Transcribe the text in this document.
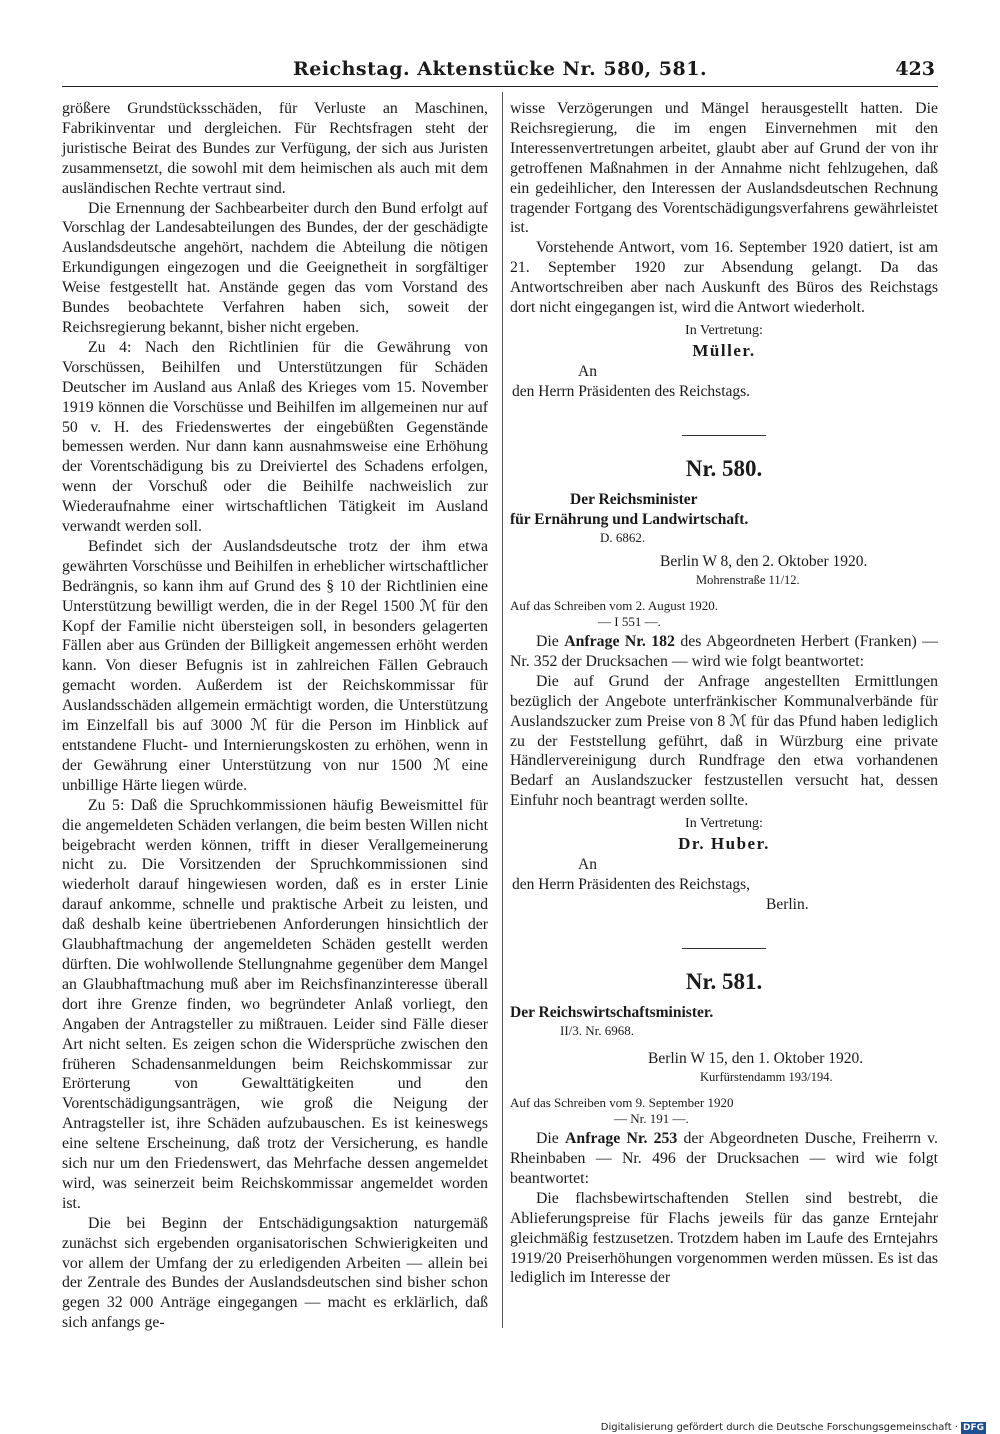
Reichstag. Aktenstücke Nr. 580, 581.	423

größere Grundstücksschäden, für Verluste an Maschinen, Fabrikinventar und dergleichen. Für Rechtsfragen steht der juristische Beirat des Bundes zur Verfügung, der sich aus Juristen zusammensetzt, die sowohl mit dem heimischen als auch mit dem ausländischen Rechte vertraut sind.

Die Ernennung der Sachbearbeiter durch den Bund erfolgt auf Vorschlag der Landesabteilungen des Bundes, der der geschädigte Auslandsdeutsche angehört, nachdem die Abteilung die nötigen Erkundigungen eingezogen und die Geeignetheit in sorgfältiger Weise festgestellt hat. Anstände gegen das vom Vorstand des Bundes beobachtete Verfahren haben sich, soweit der Reichsregierung bekannt, bisher nicht ergeben.

Zu 4: Nach den Richtlinien für die Gewährung von Vorschüssen, Beihilfen und Unterstützungen für Schäden Deutscher im Ausland aus Anlaß des Krieges vom 15. November 1919 können die Vorschüsse und Beihilfen im allgemeinen nur auf 50 v. H. des Friedenswertes der eingebüßten Gegenstände bemessen werden. Nur dann kann ausnahmsweise eine Erhöhung der Vorentschädigung bis zu Dreiviertel des Schadens erfolgen, wenn der Vorschuß oder die Beihilfe nachweislich zur Wiederaufnahme einer wirtschaftlichen Tätigkeit im Ausland verwandt werden soll.

Befindet sich der Auslandsdeutsche trotz der ihm etwa gewährten Vorschüsse und Beihilfen in erheblicher wirtschaftlicher Bedrängnis, so kann ihm auf Grund des § 10 der Richtlinien eine Unterstützung bewilligt werden, die in der Regel 1500 ℳ für den Kopf der Familie nicht übersteigen soll, in besonders gelagerten Fällen aber aus Gründen der Billigkeit angemessen erhöht werden kann. Von dieser Befugnis ist in zahlreichen Fällen Gebrauch gemacht worden. Außerdem ist der Reichskommissar für Auslandsschäden allgemein ermächtigt worden, die Unterstützung im Einzelfall bis auf 3000 ℳ für die Person im Hinblick auf entstandene Flucht- und Internierungskosten zu erhöhen, wenn in der Gewährung einer Unterstützung von nur 1500 ℳ eine unbillige Härte liegen würde.

Zu 5: Daß die Spruchkommissionen häufig Beweismittel für die angemeldeten Schäden verlangen, die beim besten Willen nicht beigebracht werden können, trifft in dieser Verallgemeinerung nicht zu. Die Vorsitzenden der Spruchkommissionen sind wiederholt darauf hingewiesen worden, daß es in erster Linie darauf ankomme, schnelle und praktische Arbeit zu leisten, und daß deshalb keine übertriebenen Anforderungen hinsichtlich der Glaubhaftmachung der angemeldeten Schäden gestellt werden dürften. Die wohlwollende Stellungnahme gegenüber dem Mangel an Glaubhaftmachung muß aber im Reichsfinanzinteresse überall dort ihre Grenze finden, wo begründeter Anlaß vorliegt, den Angaben der Antragsteller zu mißtrauen. Leider sind Fälle dieser Art nicht selten. Es zeigen schon die Widersprüche zwischen den früheren Schadensanmeldungen beim Reichskommissar zur Erörterung von Gewalttätigkeiten und den Vorentschädigungsanträgen, wie groß die Neigung der Antragsteller ist, ihre Schäden aufzubauschen. Es ist keineswegs eine seltene Erscheinung, daß trotz der Versicherung, es handle sich nur um den Friedenswert, das Mehrfache dessen angemeldet wird, was seinerzeit beim Reichskommissar angemeldet worden ist.

Die bei Beginn der Entschädigungsaktion naturgemäß zunächst sich ergebenden organisatorischen Schwierigkeiten und vor allem der Umfang der zu erledigenden Arbeiten — allein bei der Zentrale des Bundes der Auslandsdeutschen sind bisher schon gegen 32 000 Anträge eingegangen — macht es erklärlich, daß sich anfangs ge-

wisse Verzögerungen und Mängel herausgestellt hatten. Die Reichsregierung, die im engen Einvernehmen mit den Interessenvertretungen arbeitet, glaubt aber auf Grund der von ihr getroffenen Maßnahmen in der Annahme nicht fehlzugehen, daß ein gedeihlicher, den Interessen der Auslandsdeutschen Rechnung tragender Fortgang des Vorentschädigungsverfahrens gewährleistet ist.

Vorstehende Antwort, vom 16. September 1920 datiert, ist am 21. September 1920 zur Absendung gelangt. Da das Antwortschreiben aber nach Auskunft des Büros des Reichstags dort nicht eingegangen ist, wird die Antwort wiederholt.

In Vertretung:
Müller.
An
den Herrn Präsidenten des Reichstags.
Nr. 580.
Der Reichsminister
für Ernährung und Landwirtschaft.
D. 6862.
Berlin W 8, den 2. Oktober 1920.
Mohrenstraße 11/12.
Auf das Schreiben vom 2. August 1920.
— I 551 —.

Die Anfrage Nr. 182 des Abgeordneten Herbert (Franken) — Nr. 352 der Drucksachen — wird wie folgt beantwortet:

Die auf Grund der Anfrage angestellten Ermittlungen bezüglich der Angebote unterfränkischer Kommunalverbände für Auslandszucker zum Preise von 8 ℳ für das Pfund haben lediglich zu der Feststellung geführt, daß in Würzburg eine private Händlervereinigung durch Rundfrage den etwa vorhandenen Bedarf an Auslandszucker festzustellen versucht hat, dessen Einfuhr noch beantragt werden sollte.

In Vertretung:
Dr. Huber.
An
den Herrn Präsidenten des Reichstags,
Berlin.
Nr. 581.
Der Reichswirtschaftsminister.
II/3. Nr. 6968.
Berlin W 15, den 1. Oktober 1920.
Kurfürstendamm 193/194.
Auf das Schreiben vom 9. September 1920
— Nr. 191 —.

Die Anfrage Nr. 253 der Abgeordneten Dusche, Freiherrn v. Rheinbaben — Nr. 496 der Drucksachen — wird wie folgt beantwortet:

Die flachsbewirtschaftenden Stellen sind bestrebt, die Ablieferungspreise für Flachs jeweils für das ganze Erntejahr gleichmäßig festzusetzen. Trotzdem haben im Laufe des Erntejahrs 1919/20 Preiserhöhungen vorgenommen werden müssen. Es ist das lediglich im Interesse der

Digitalisierung gefördert durch die Deutsche Forschungsgemeinschaft · DFG
